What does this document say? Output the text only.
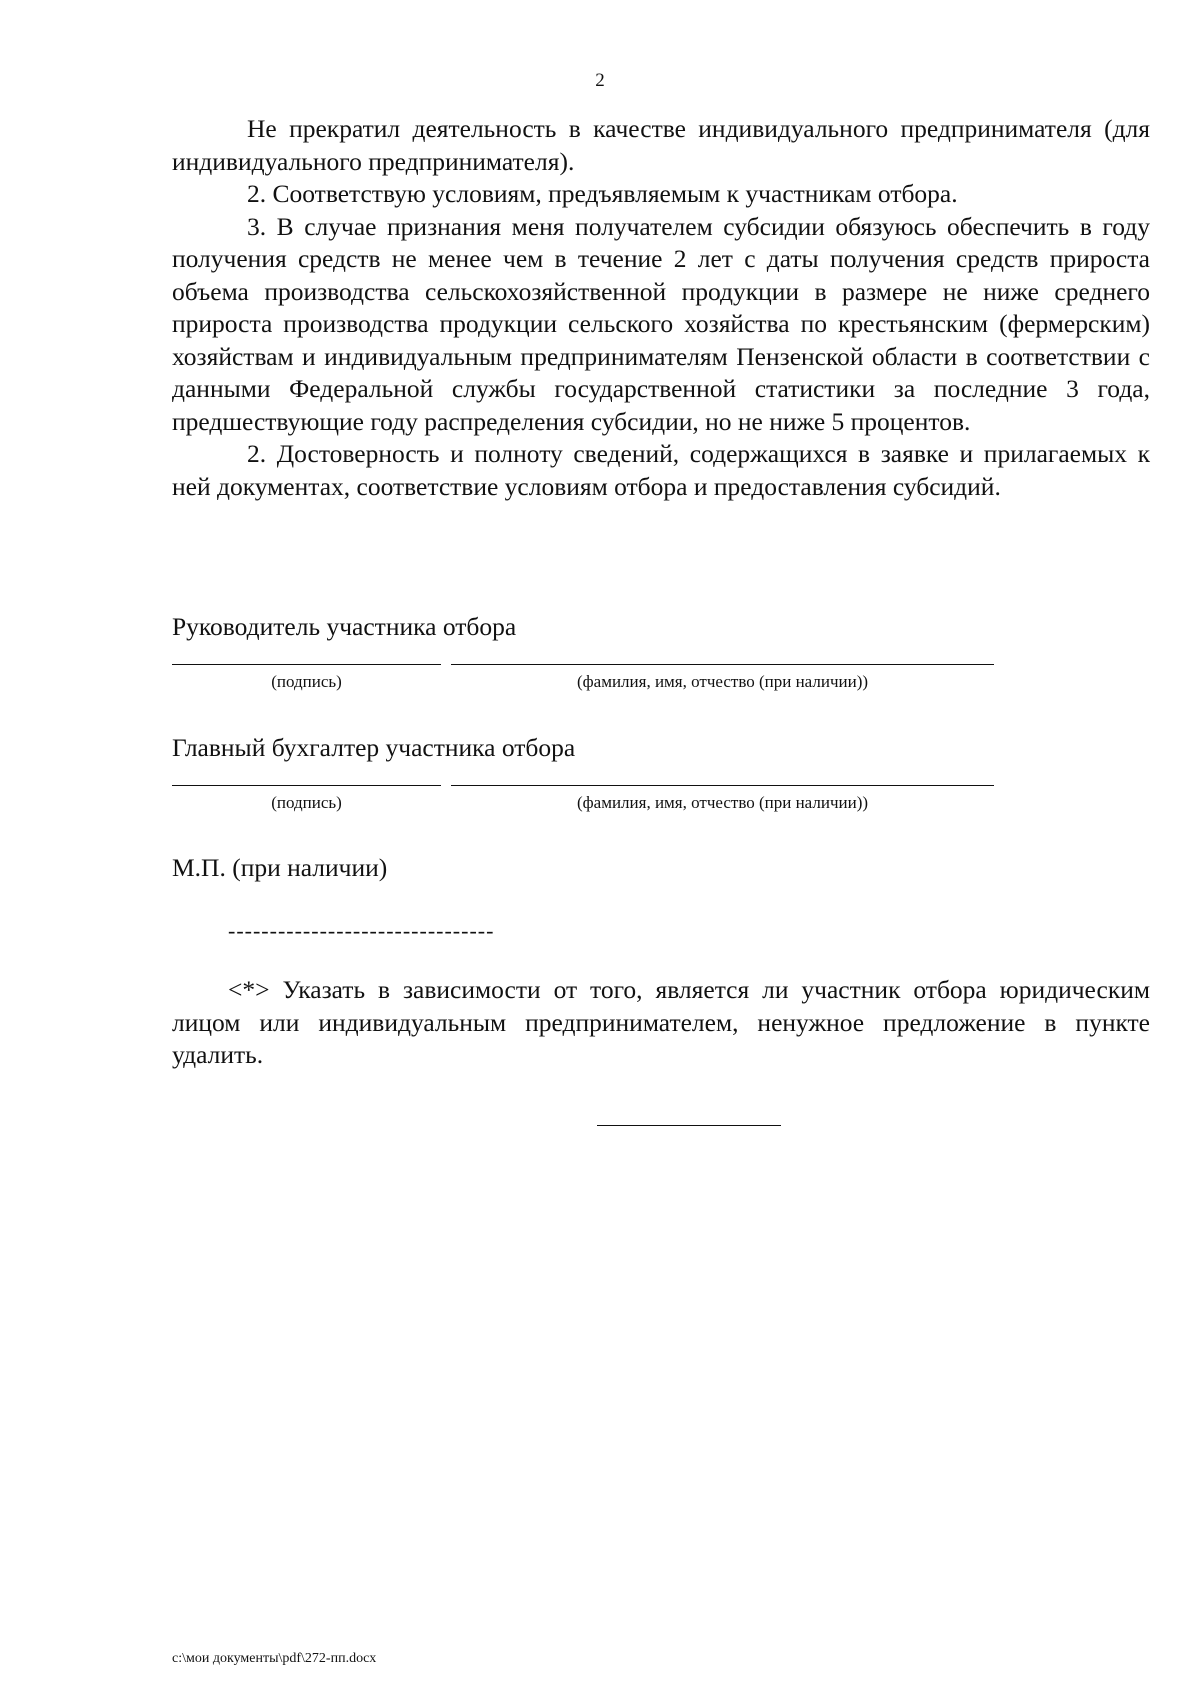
2

Не прекратил деятельность в качестве индивидуального предпринимателя (для индивидуального предпринимателя).

2. Соответствую условиям, предъявляемым к участникам отбора.

3. В случае признания меня получателем субсидии обязуюсь обеспечить в году получения средств не менее чем в течение 2 лет с даты получения средств прироста объема производства сельскохозяйственной продукции в размере не ниже среднего прироста производства продукции сельского хозяйства по крестьянским (фермерским) хозяйствам и индивидуальным предпринимателям Пензенской области в соответствии с данными Федеральной службы государственной статистики за последние 3 года, предшествующие году распределения субсидии, но не ниже 5 процентов.

2. Достоверность и полноту сведений, содержащихся в заявке и прилагаемых к ней документах, соответствие условиям отбора и предоставления субсидий.

Руководитель участника отбора
(подпись)	(фамилия, имя, отчество (при наличии))
Главный бухгалтер участника отбора
(подпись)	(фамилия, имя, отчество (при наличии))
М.П. (при наличии)
--------------------------------

<*> Указать в зависимости от того, является ли участник отбора юридическим лицом или индивидуальным предпринимателем, ненужное предложение в пункте удалить.

c:\мои документы\pdf\272-пп.docx
